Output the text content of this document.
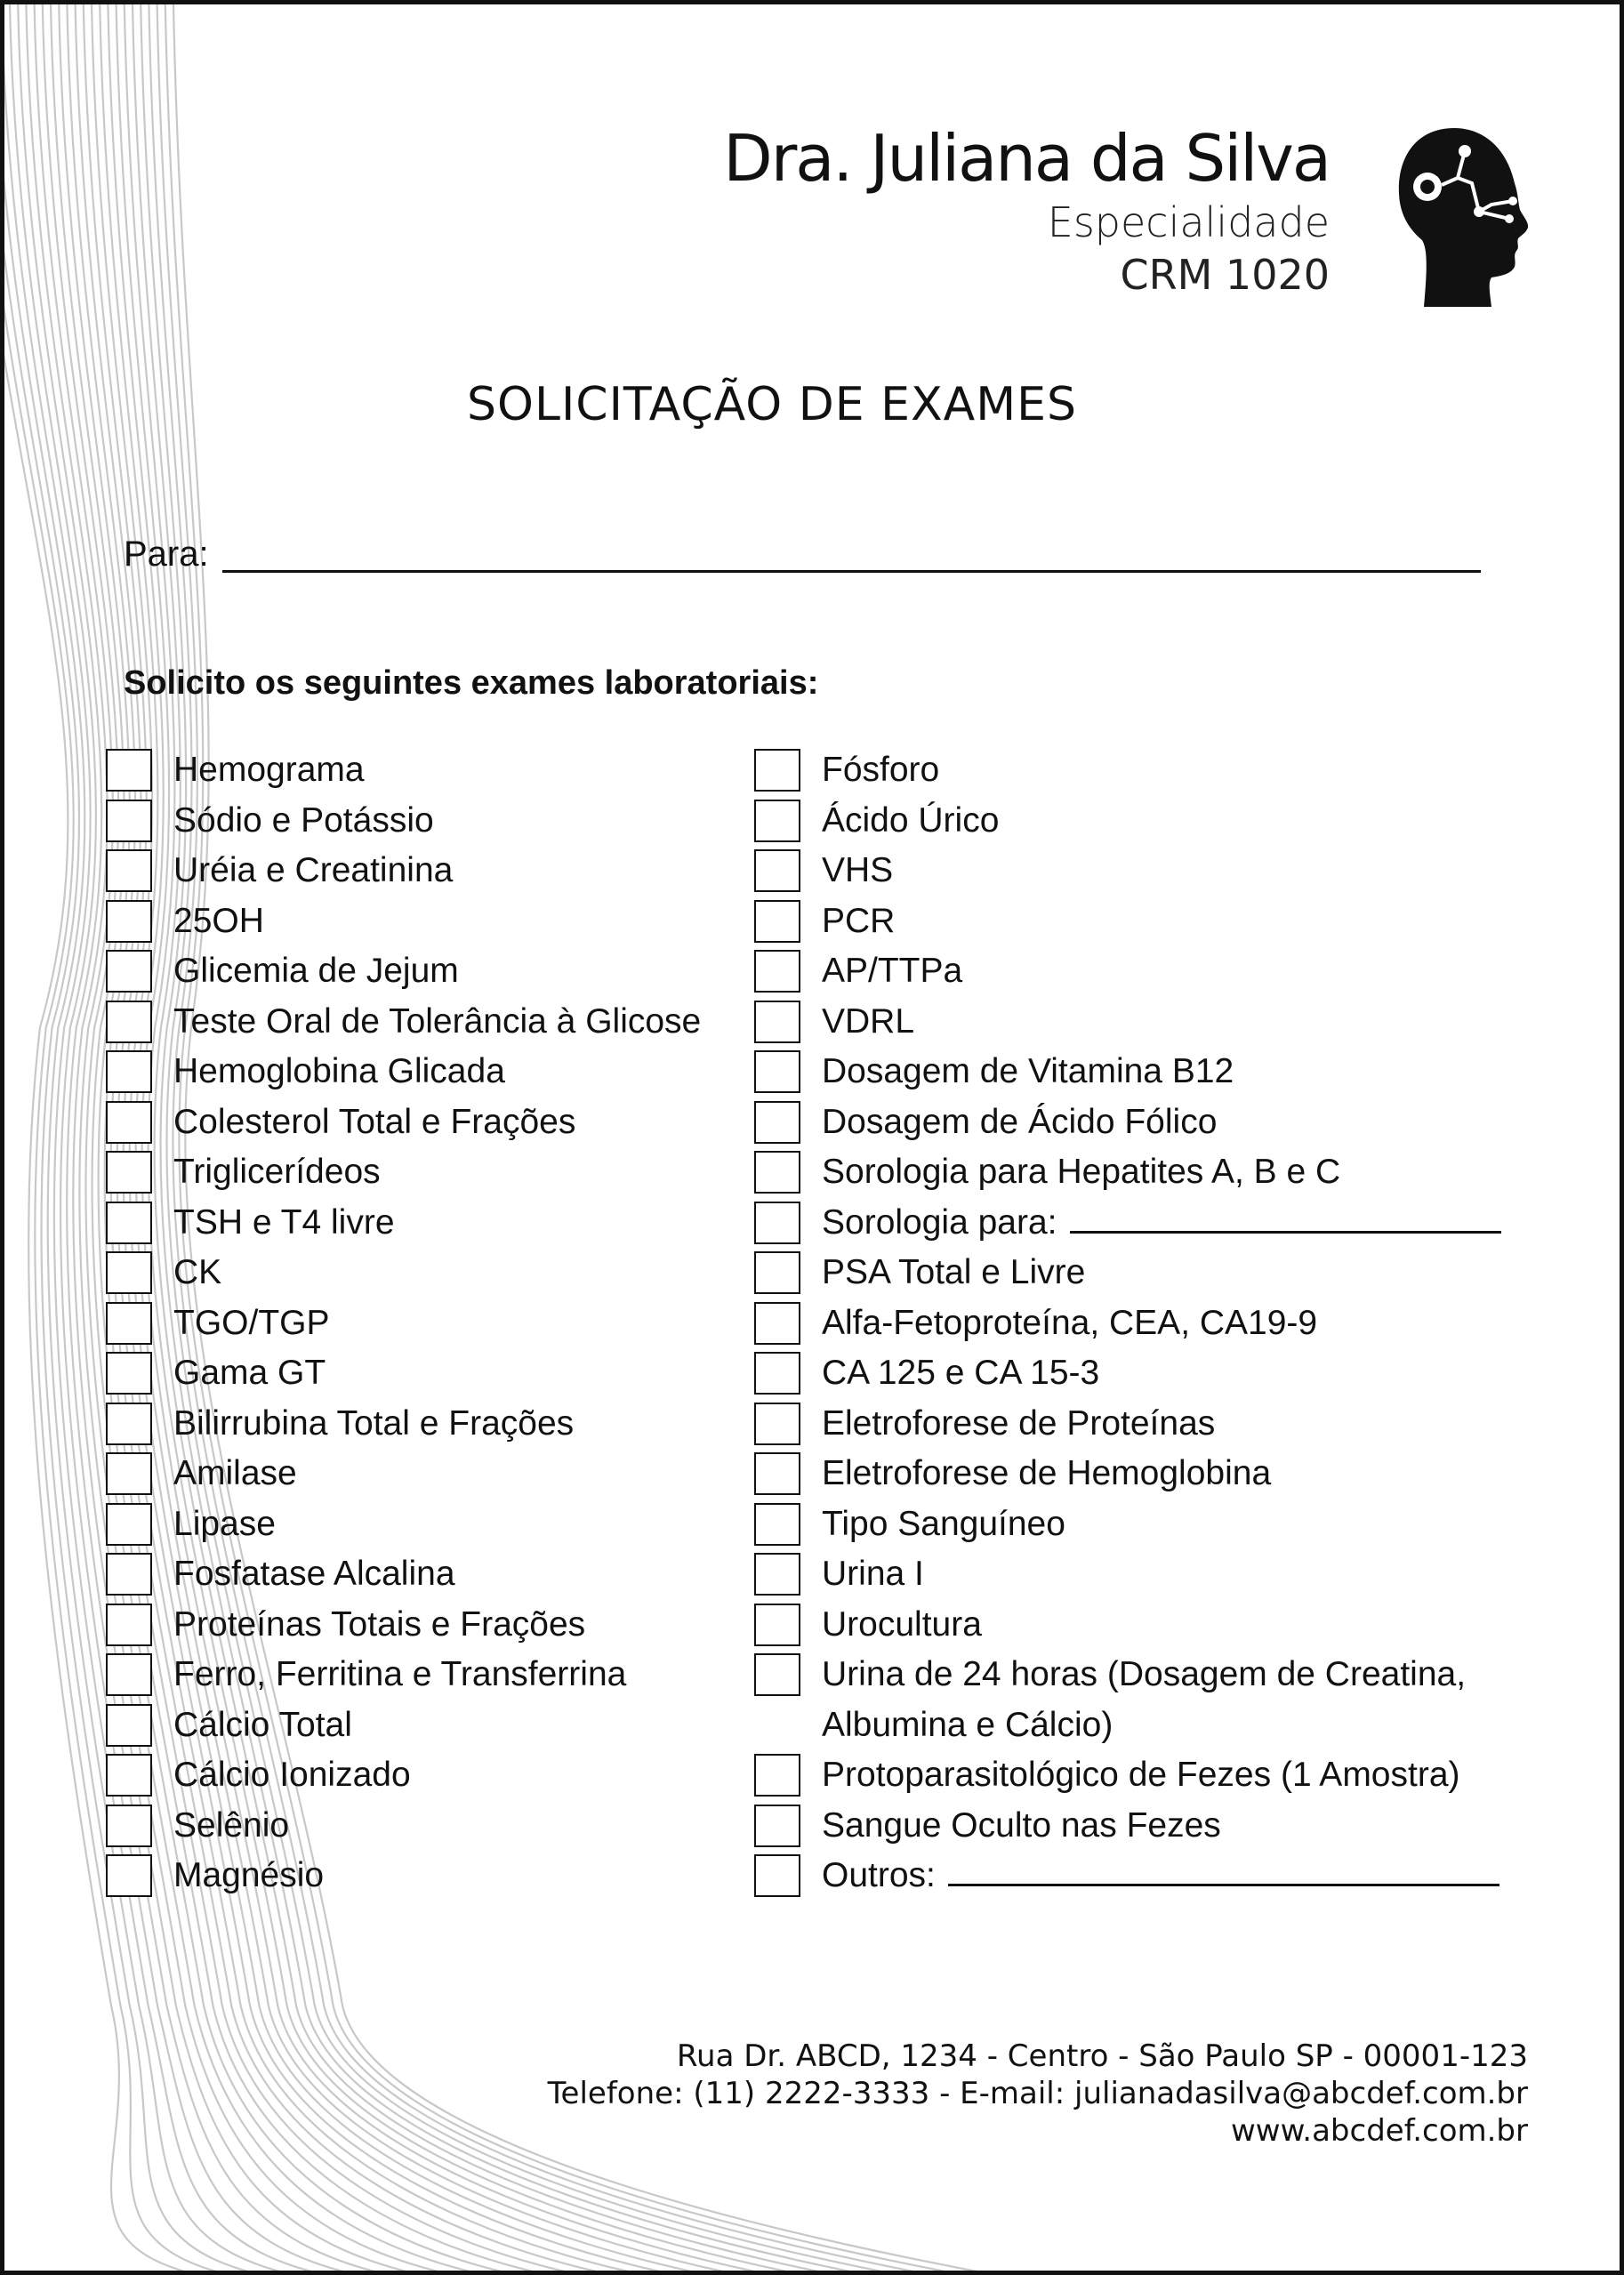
Dra. Juliana da Silva
Especialidade
CRM 1020
SOLICITAÇÃO DE EXAMES
Para:
Solicito os seguintes exames laboratoriais:
Hemograma
Sódio e Potássio
Uréia e Creatinina
25OH
Glicemia de Jejum
Teste Oral de Tolerância à Glicose
Hemoglobina Glicada
Colesterol Total e Frações
Triglicerídeos
TSH e T4 livre
CK
TGO/TGP
Gama GT
Bilirrubina Total e Frações
Amilase
Lipase
Fosfatase Alcalina
Proteínas Totais e Frações
Ferro, Ferritina e Transferrina
Cálcio Total
Cálcio Ionizado
Selênio
Magnésio
Fósforo
Ácido Úrico
VHS
PCR
AP/TTPa
VDRL
Dosagem de Vitamina B12
Dosagem de Ácido Fólico
Sorologia para Hepatites A, B e C
Sorologia para:
PSA Total e Livre
Alfa-Fetoproteína, CEA, CA19-9
CA 125 e CA 15-3
Eletroforese de Proteínas
Eletroforese de Hemoglobina
Tipo Sanguíneo
Urina I
Urocultura
Urina de 24 horas (Dosagem de Creatina,
Albumina e Cálcio)
Protoparasitológico de Fezes (1 Amostra)
Sangue Oculto nas Fezes
Outros:
Rua Dr. ABCD, 1234 - Centro - São Paulo SP - 00001-123
Telefone: (11) 2222-3333 - E-mail: julianadasilva@abcdef.com.br
www.abcdef.com.br
